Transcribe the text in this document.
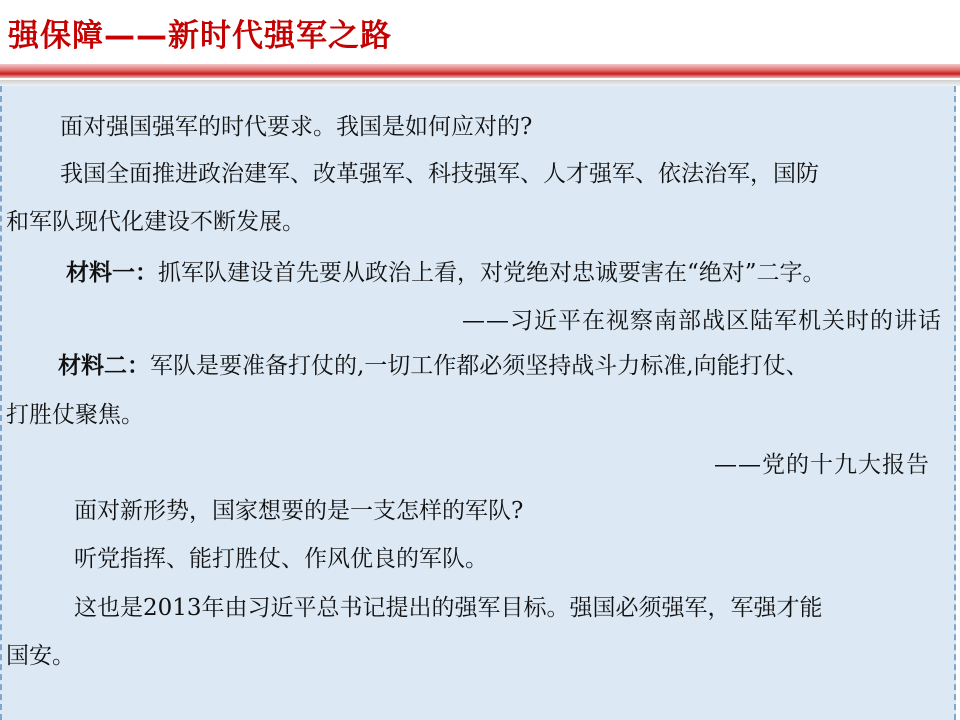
强保障——新时代强军之路
面对强国强军的时代要求。我国是如何应对的?
我国全面推进政治建军、改革强军、科技强军、人才强军、依法治军，国防
和军队现代化建设不断发展。
材料一：抓军队建设首先要从政治上看，对党绝对忠诚要害在“绝对”二字。
——习近平在视察南部战区陆军机关时的讲话
材料二：军队是要准备打仗的,一切工作都必须坚持战斗力标准,向能打仗、
打胜仗聚焦。
——党的十九大报告
面对新形势，国家想要的是一支怎样的军队?
听党指挥、能打胜仗、作风优良的军队。
这也是2013年由习近平总书记提出的强军目标。强国必须强军，军强才能
国安。
